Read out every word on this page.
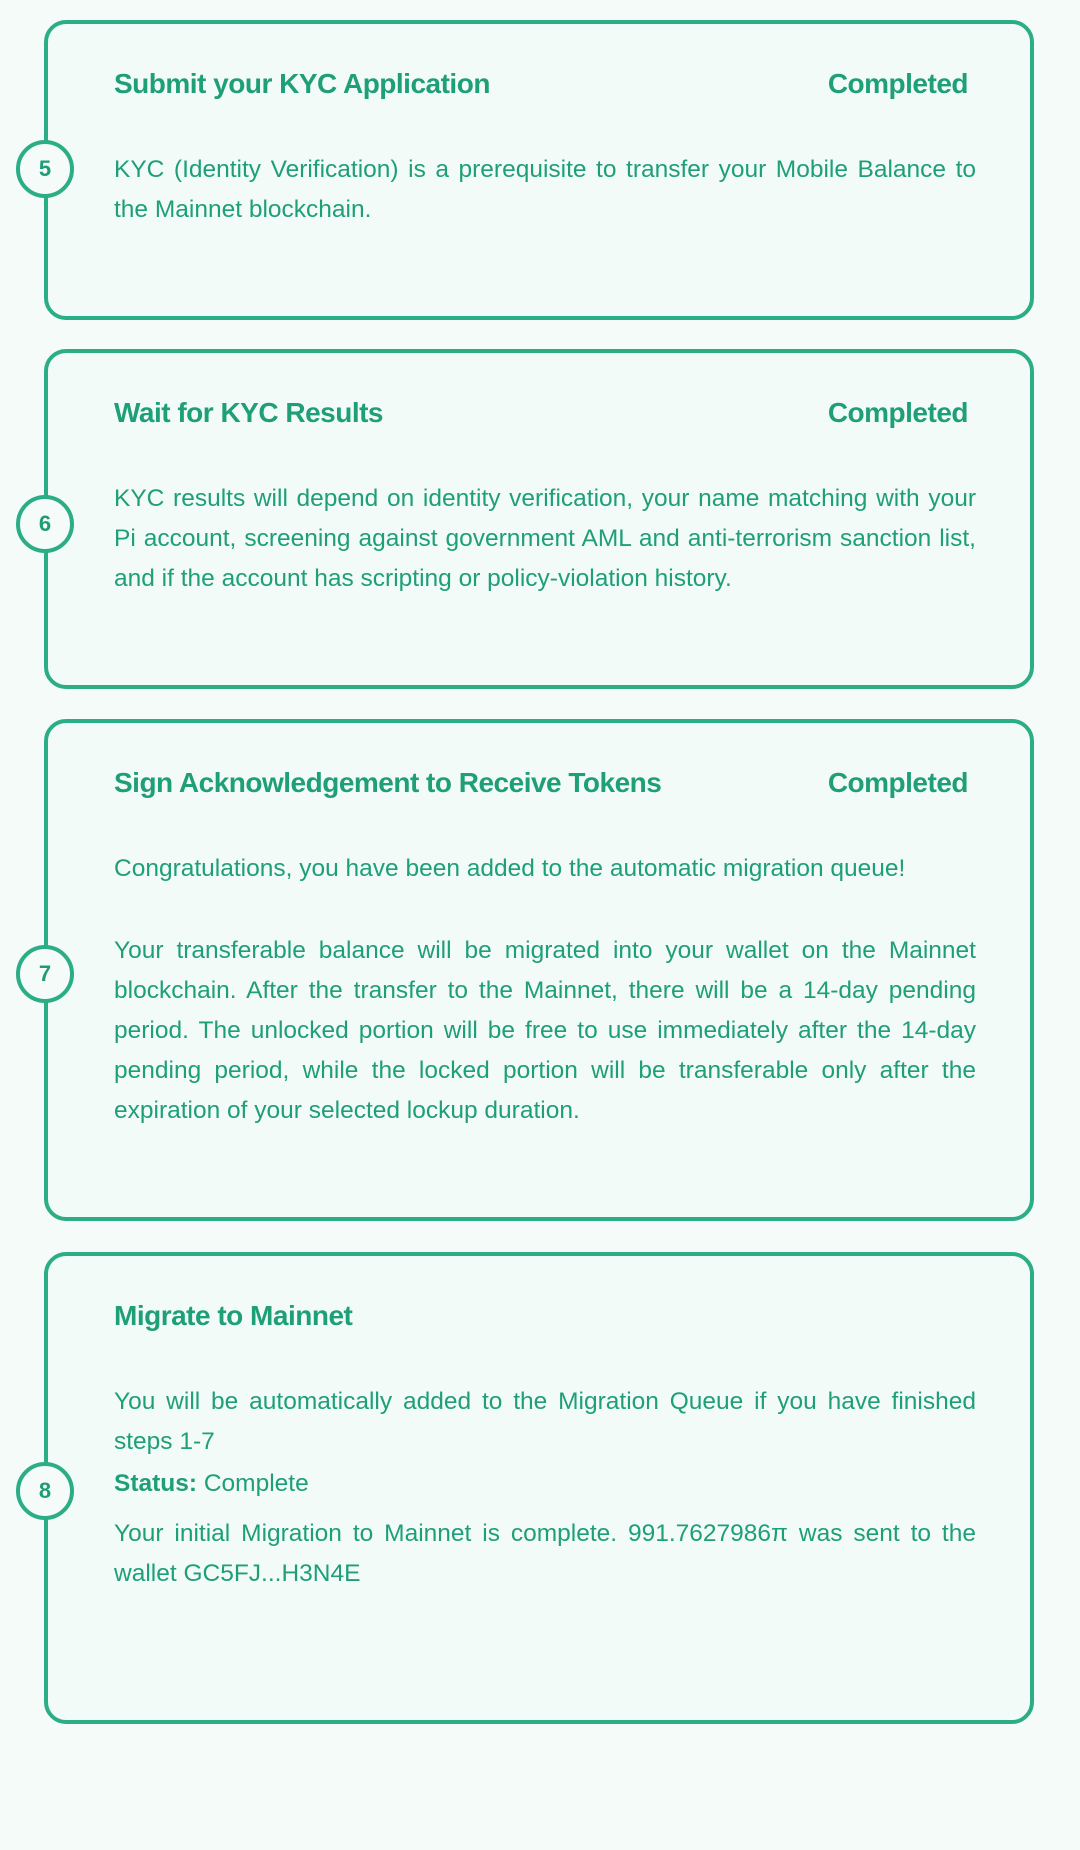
5
Submit your KYC Application	Completed

KYC (Identity Verification) is a prerequisite to transfer your Mobile Balance to the Mainnet blockchain.

6
Wait for KYC Results	Completed

KYC results will depend on identity verification, your name matching with your Pi account, screening against government AML and anti-terrorism sanction list, and if the account has scripting or policy-violation history.

7
Sign Acknowledgement to Receive Tokens	Completed

Congratulations, you have been added to the automatic migration queue!

Your transferable balance will be migrated into your wallet on the Mainnet blockchain. After the transfer to the Mainnet, there will be a 14-day pending period. The unlocked portion will be free to use immediately after the 14-day pending period, while the locked portion will be transferable only after the expiration of your selected lockup duration.

8
Migrate to Mainnet

You will be automatically added to the Migration Queue if you have finished steps 1-7

Status: Complete

Your initial Migration to Mainnet is complete. 991.7627986π was sent to the wallet GC5FJ...H3N4E
